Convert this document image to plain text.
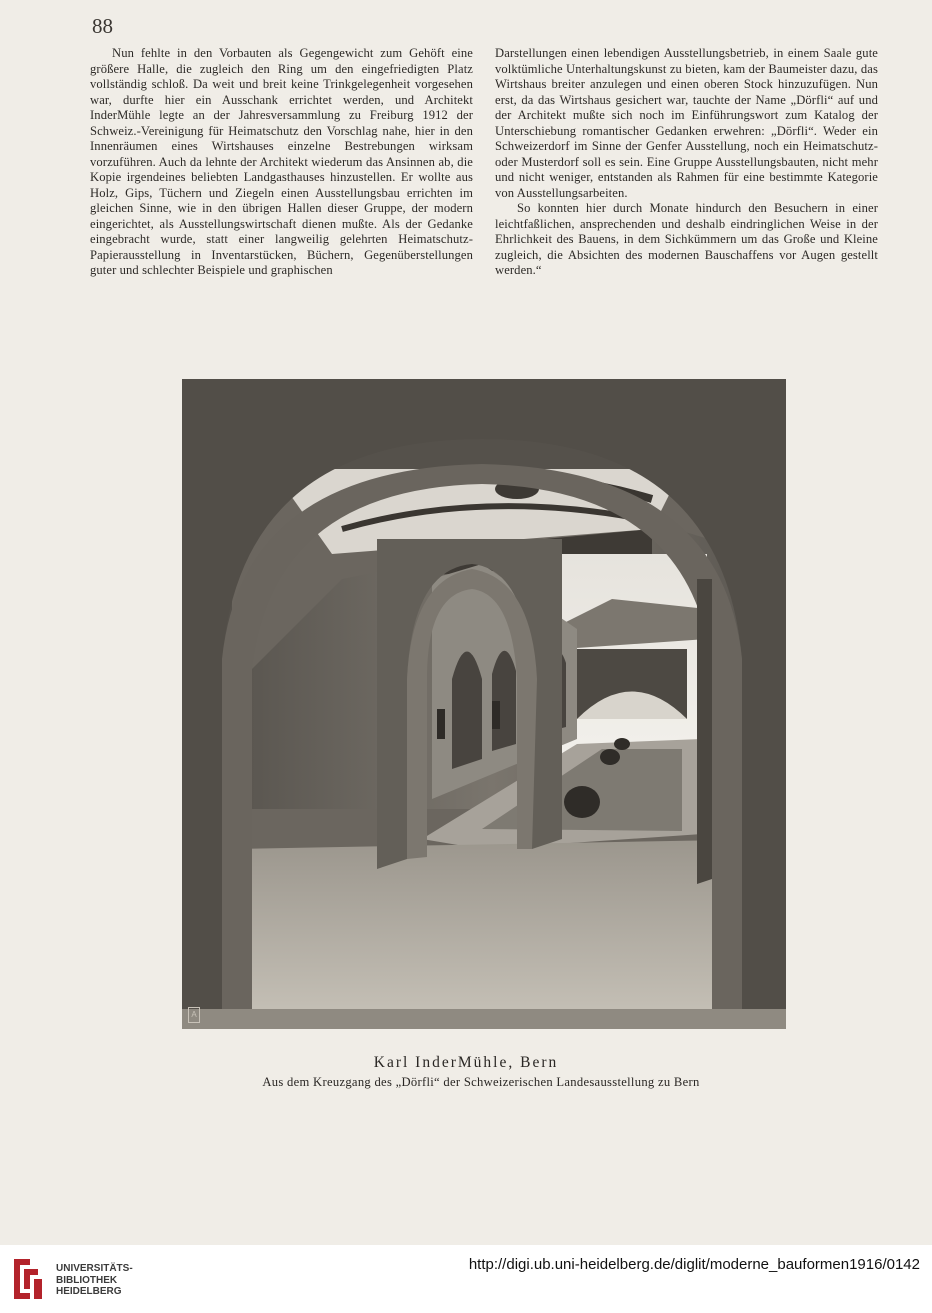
88

Nun fehlte in den Vorbauten als Gegengewicht zum Gehöft eine größere Halle, die zugleich den Ring um den eingefriedigten Platz vollständig schloß. Da weit und breit keine Trinkgelegenheit vorgesehen war, durfte hier ein Ausschank errichtet werden, und Architekt InderMühle legte an der Jahresversammlung zu Freiburg 1912 der Schweiz.-Vereinigung für Heimatschutz den Vorschlag nahe, hier in den Innenräumen eines Wirtshauses einzelne Bestrebungen wirksam vorzuführen. Auch da lehnte der Architekt wiederum das Ansinnen ab, die Kopie irgendeines beliebten Landgasthauses hinzustellen. Er wollte aus Holz, Gips, Tüchern und Ziegeln einen Ausstellungsbau errichten im gleichen Sinne, wie in den übrigen Hallen dieser Gruppe, der modern eingerichtet, als Ausstellungswirtschaft dienen mußte. Als der Gedanke eingebracht wurde, statt einer langweilig gelehrten Heimatschutz-Papierausstellung in Inventarstücken, Büchern, Gegenüberstellungen guter und schlechter Beispiele und graphischen

Darstellungen einen lebendigen Ausstellungsbetrieb, in einem Saale gute volktümliche Unterhaltungskunst zu bieten, kam der Baumeister dazu, das Wirtshaus breiter anzulegen und einen oberen Stock hinzuzufügen. Nun erst, da das Wirtshaus gesichert war, tauchte der Name „Dörfli“ auf und der Architekt mußte sich noch im Einführungswort zum Katalog der Unterschiebung romantischer Gedanken erwehren: „Dörfli“. Weder ein Schweizerdorf im Sinne der Genfer Ausstellung, noch ein Heimatschutz- oder Musterdorf soll es sein. Eine Gruppe Ausstellungsbauten, nicht mehr und nicht weniger, entstanden als Rahmen für eine bestimmte Kategorie von Ausstellungsarbeiten.

So konnten hier durch Monate hindurch den Besuchern in einer leichtfaßlichen, ansprechenden und deshalb eindringlichen Weise in der Ehrlichkeit des Bauens, in dem Sichkümmern um das Große und Kleine zugleich, die Absichten des modernen Bauschaffens vor Augen gestellt werden.“

A
Karl InderMühle, Bern
Aus dem Kreuzgang des „Dörfli“ der Schweizerischen Landesausstellung zu Bern
UNIVERSITÄTS-
BIBLIOTHEK
HEIDELBERG
http://digi.ub.uni-heidelberg.de/diglit/moderne_bauformen1916/0142
